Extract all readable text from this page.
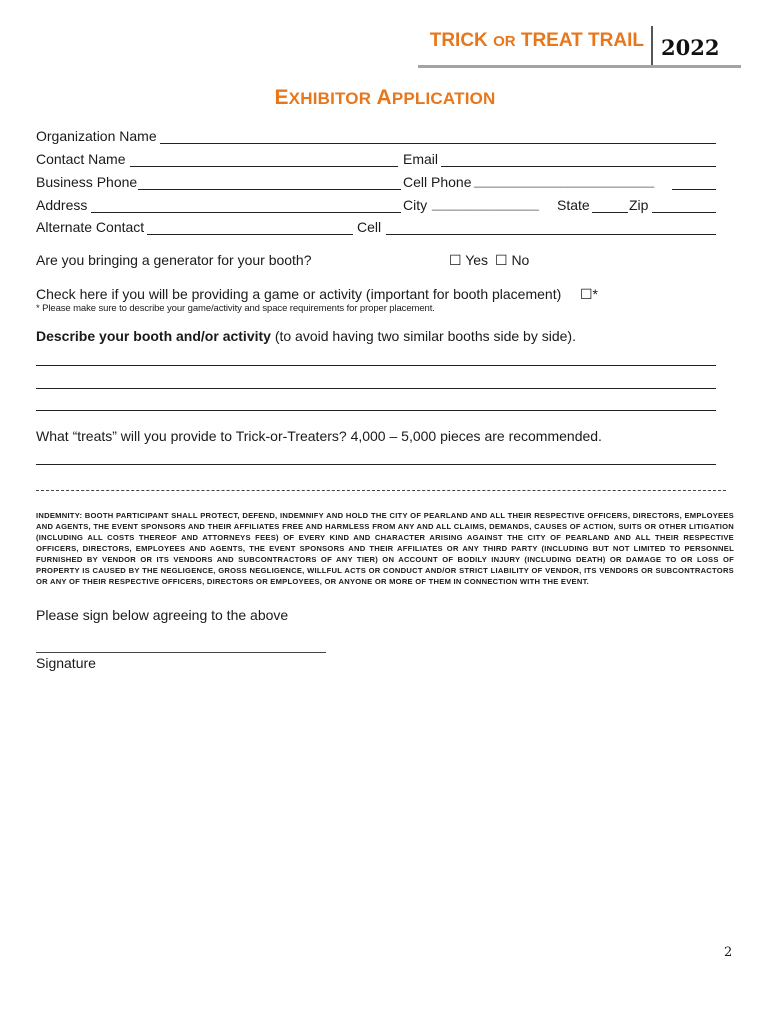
TRICK OR TREAT TRAIL 2022
EXHIBITOR APPLICATION
Organization Name
Contact Name	Email
Business Phone	Cell Phone ___________________________
Address	City ________________ State	Zip
Alternate Contact	Cell
Are you bringing a generator for your booth?	☐ Yes ☐ No
Check here if you will be providing a game or activity (important for booth placement) ☐*
* Please make sure to describe your game/activity and space requirements for proper placement.
Describe your booth and/or activity (to avoid having two similar booths side by side).
What “treats” will you provide to Trick-or-Treaters? 4,000 – 5,000 pieces are recommended.
INDEMNITY: BOOTH PARTICIPANT SHALL PROTECT, DEFEND, INDEMNIFY AND HOLD THE CITY OF PEARLAND AND ALL THEIR RESPECTIVE OFFICERS, DIRECTORS, EMPLOYEES AND AGENTS, THE EVENT SPONSORS AND THEIR AFFILIATES FREE AND HARMLESS FROM ANY AND ALL CLAIMS, DEMANDS, CAUSES OF ACTION, SUITS OR OTHER LITIGATION (INCLUDING ALL COSTS THEREOF AND ATTORNEYS FEES) OF EVERY KIND AND CHARACTER ARISING AGAINST THE CITY OF PEARLAND AND ALL THEIR RESPECTIVE OFFICERS, DIRECTORS, EMPLOYEES AND AGENTS, THE EVENT SPONSORS AND THEIR AFFILIATES OR ANY THIRD PARTY (INCLUDING BUT NOT LIMITED TO PERSONNEL FURNISHED BY VENDOR OR ITS VENDORS AND SUBCONTRACTORS OF ANY TIER) ON ACCOUNT OF BODILY INJURY (INCLUDING DEATH) OR DAMAGE TO OR LOSS OF PROPERTY IS CAUSED BY THE NEGLIGENCE, GROSS NEGLIGENCE, WILLFUL ACTS OR CONDUCT AND/OR STRICT LIABILITY OF VENDOR, ITS VENDORS OR SUBCONTRACTORS OR ANY OF THEIR RESPECTIVE OFFICERS, DIRECTORS OR EMPLOYEES, OR ANYONE OR MORE OF THEM IN CONNECTION WITH THE EVENT.
Please sign below agreeing to the above
Signature
2
